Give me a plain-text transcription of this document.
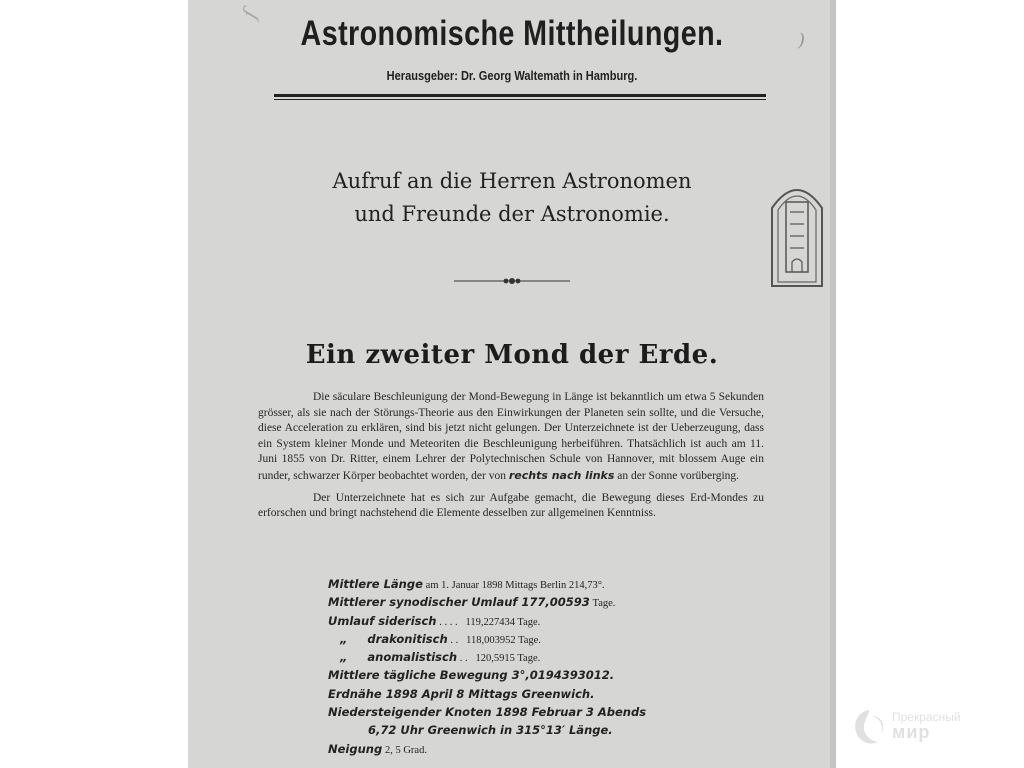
ſ
)
Astronomische Mittheilungen.
Herausgeber: Dr. Georg Waltemath in Hamburg.
Aufruf an die Herren Astronomen
und Freunde der Astronomie.
Ein zweiter Mond der Erde.

Die säculare Beschleunigung der Mond-Bewegung in Länge ist bekanntlich um etwa 5 Sekunden grösser, als sie nach der Störungs-Theorie aus den Einwirkungen der Planeten sein sollte, und die Versuche, diese Acceleration zu erklären, sind bis jetzt nicht gelungen. Der Unterzeichnete ist der Ueberzeugung, dass ein System kleiner Monde und Meteoriten die Beschleunigung herbeiführen. Thatsächlich ist auch am 11. Juni 1855 von Dr. Ritter, einem Lehrer der Polytechnischen Schule von Hannover, mit blossem Auge ein runder, schwarzer Körper beobachtet worden, der von rechts nach links an der Sonne vorüberging.

Der Unterzeichnete hat es sich zur Aufgabe gemacht, die Bewegung dieses Erd-Mondes zu erforschen und bringt nachstehend die Elemente desselben zur allgemeinen Kenntniss.

Mittlere Länge am 1. Januar 1898 Mittags Berlin 214,73°.
Mittlerer synodischer Umlauf 177,00593 Tage.
Umlauf siderisch . . . .   119,227434 Tage.
„     drakonitisch . .   118,003952 Tage.
„     anomalistisch . .   120,5915 Tage.
Mittlere tägliche Bewegung 3°,0194393012.
Erdnähe 1898 April 8 Mittags Greenwich.
Niedersteigender Knoten 1898 Februar 3 Abends
6,72 Uhr Greenwich in 315°13′ Länge.
Neigung 2, 5 Grad.
Прекрасный
мир
